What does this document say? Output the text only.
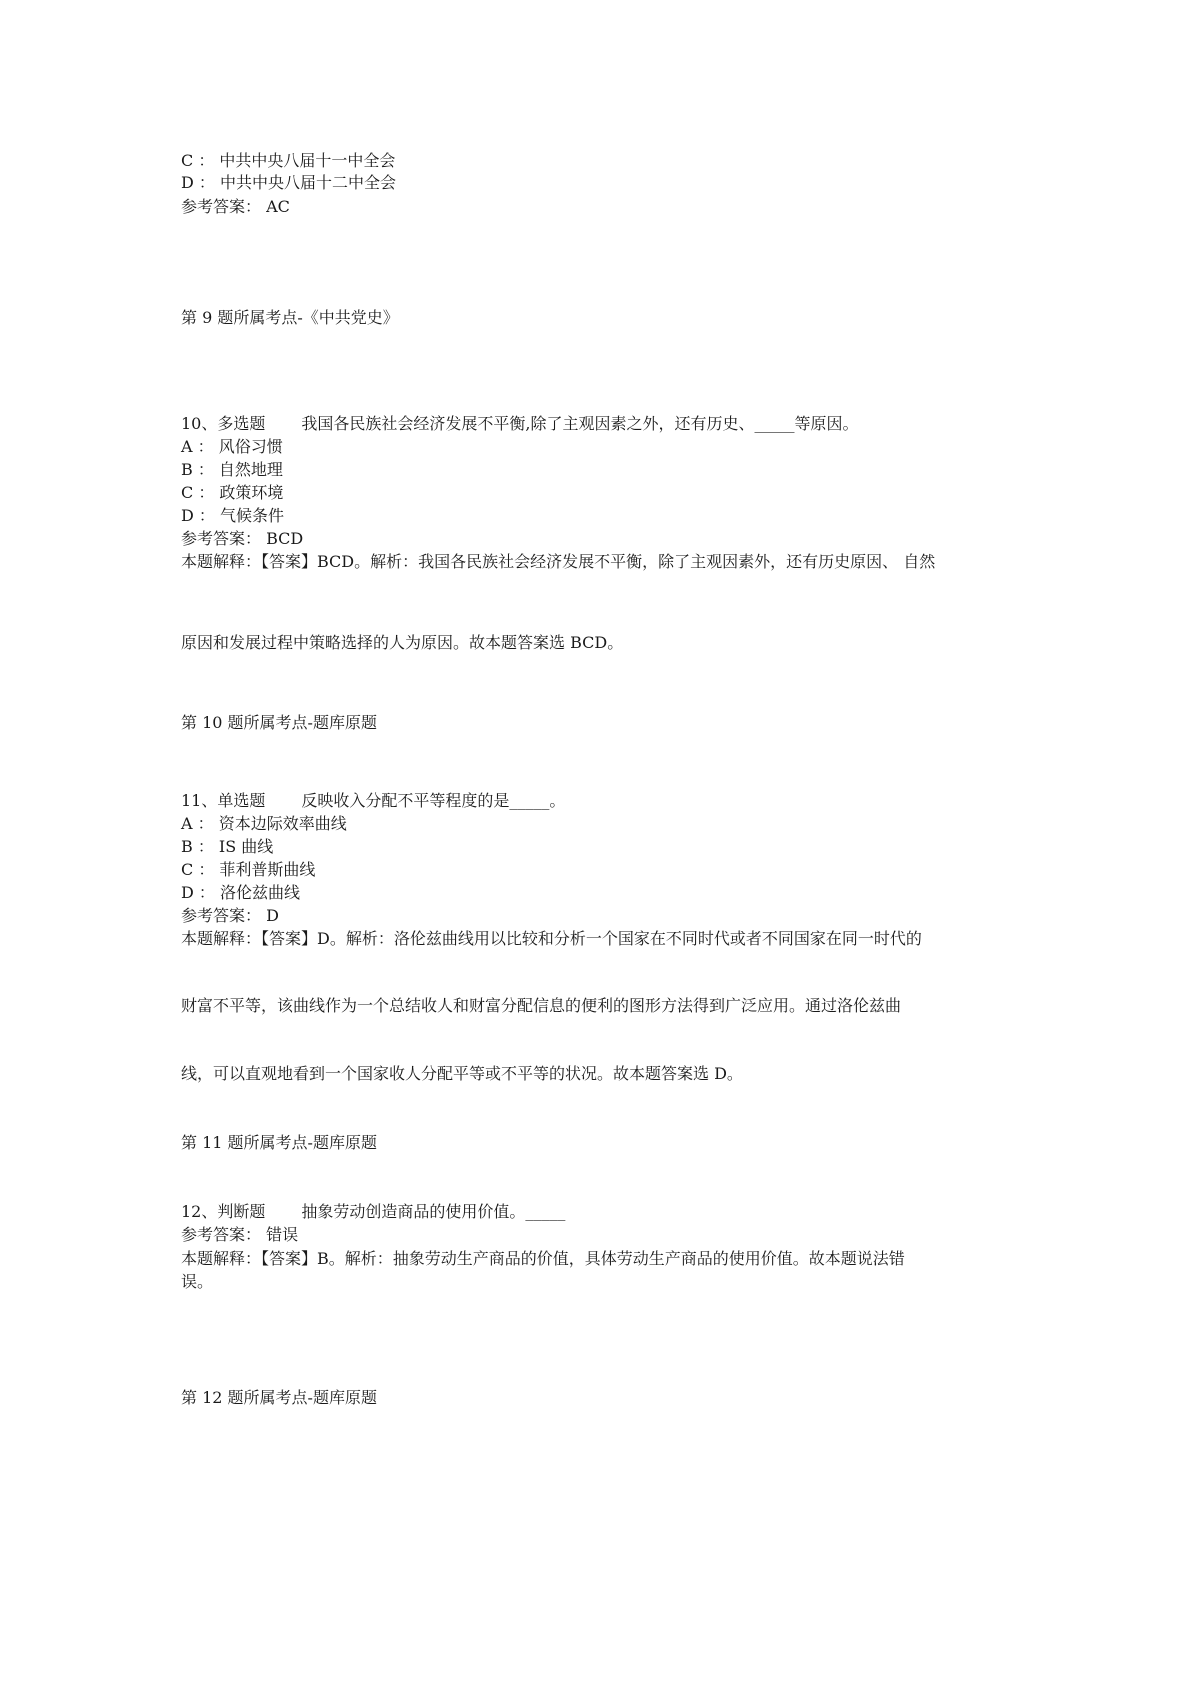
C ： 中共中央八届十一中全会
D ： 中共中央八届十二中全会
参考答案： AC
第 9 题所属考点-《中共党史》
10、多选题 我国各民族社会经济发展不平衡,除了主观因素之外，还有历史、_____等原因。
A ： 风俗习惯
B ： 自然地理
C ： 政策环境
D ： 气候条件
参考答案： BCD
本题解释：【答案】BCD。解析：我国各民族社会经济发展不平衡，除了主观因素外，还有历史原因、 自然
原因和发展过程中策略选择的人为原因。故本题答案选 BCD。
第 10 题所属考点-题库原题
11、单选题 反映收入分配不平等程度的是_____。
A ： 资本边际效率曲线
B ： IS 曲线
C ： 菲利普斯曲线
D ： 洛伦兹曲线
参考答案： D
本题解释：【答案】D。解析：洛伦兹曲线用以比较和分析一个国家在不同时代或者不同国家在同一时代的
财富不平等，该曲线作为一个总结收人和财富分配信息的便利的图形方法得到广泛应用。通过洛伦兹曲
线，可以直观地看到一个国家收人分配平等或不平等的状况。故本题答案选 D。
第 11 题所属考点-题库原题
12、判断题 抽象劳动创造商品的使用价值。_____
参考答案： 错误
本题解释：【答案】B。解析：抽象劳动生产商品的价值，具体劳动生产商品的使用价值。故本题说法错
误。
第 12 题所属考点-题库原题
